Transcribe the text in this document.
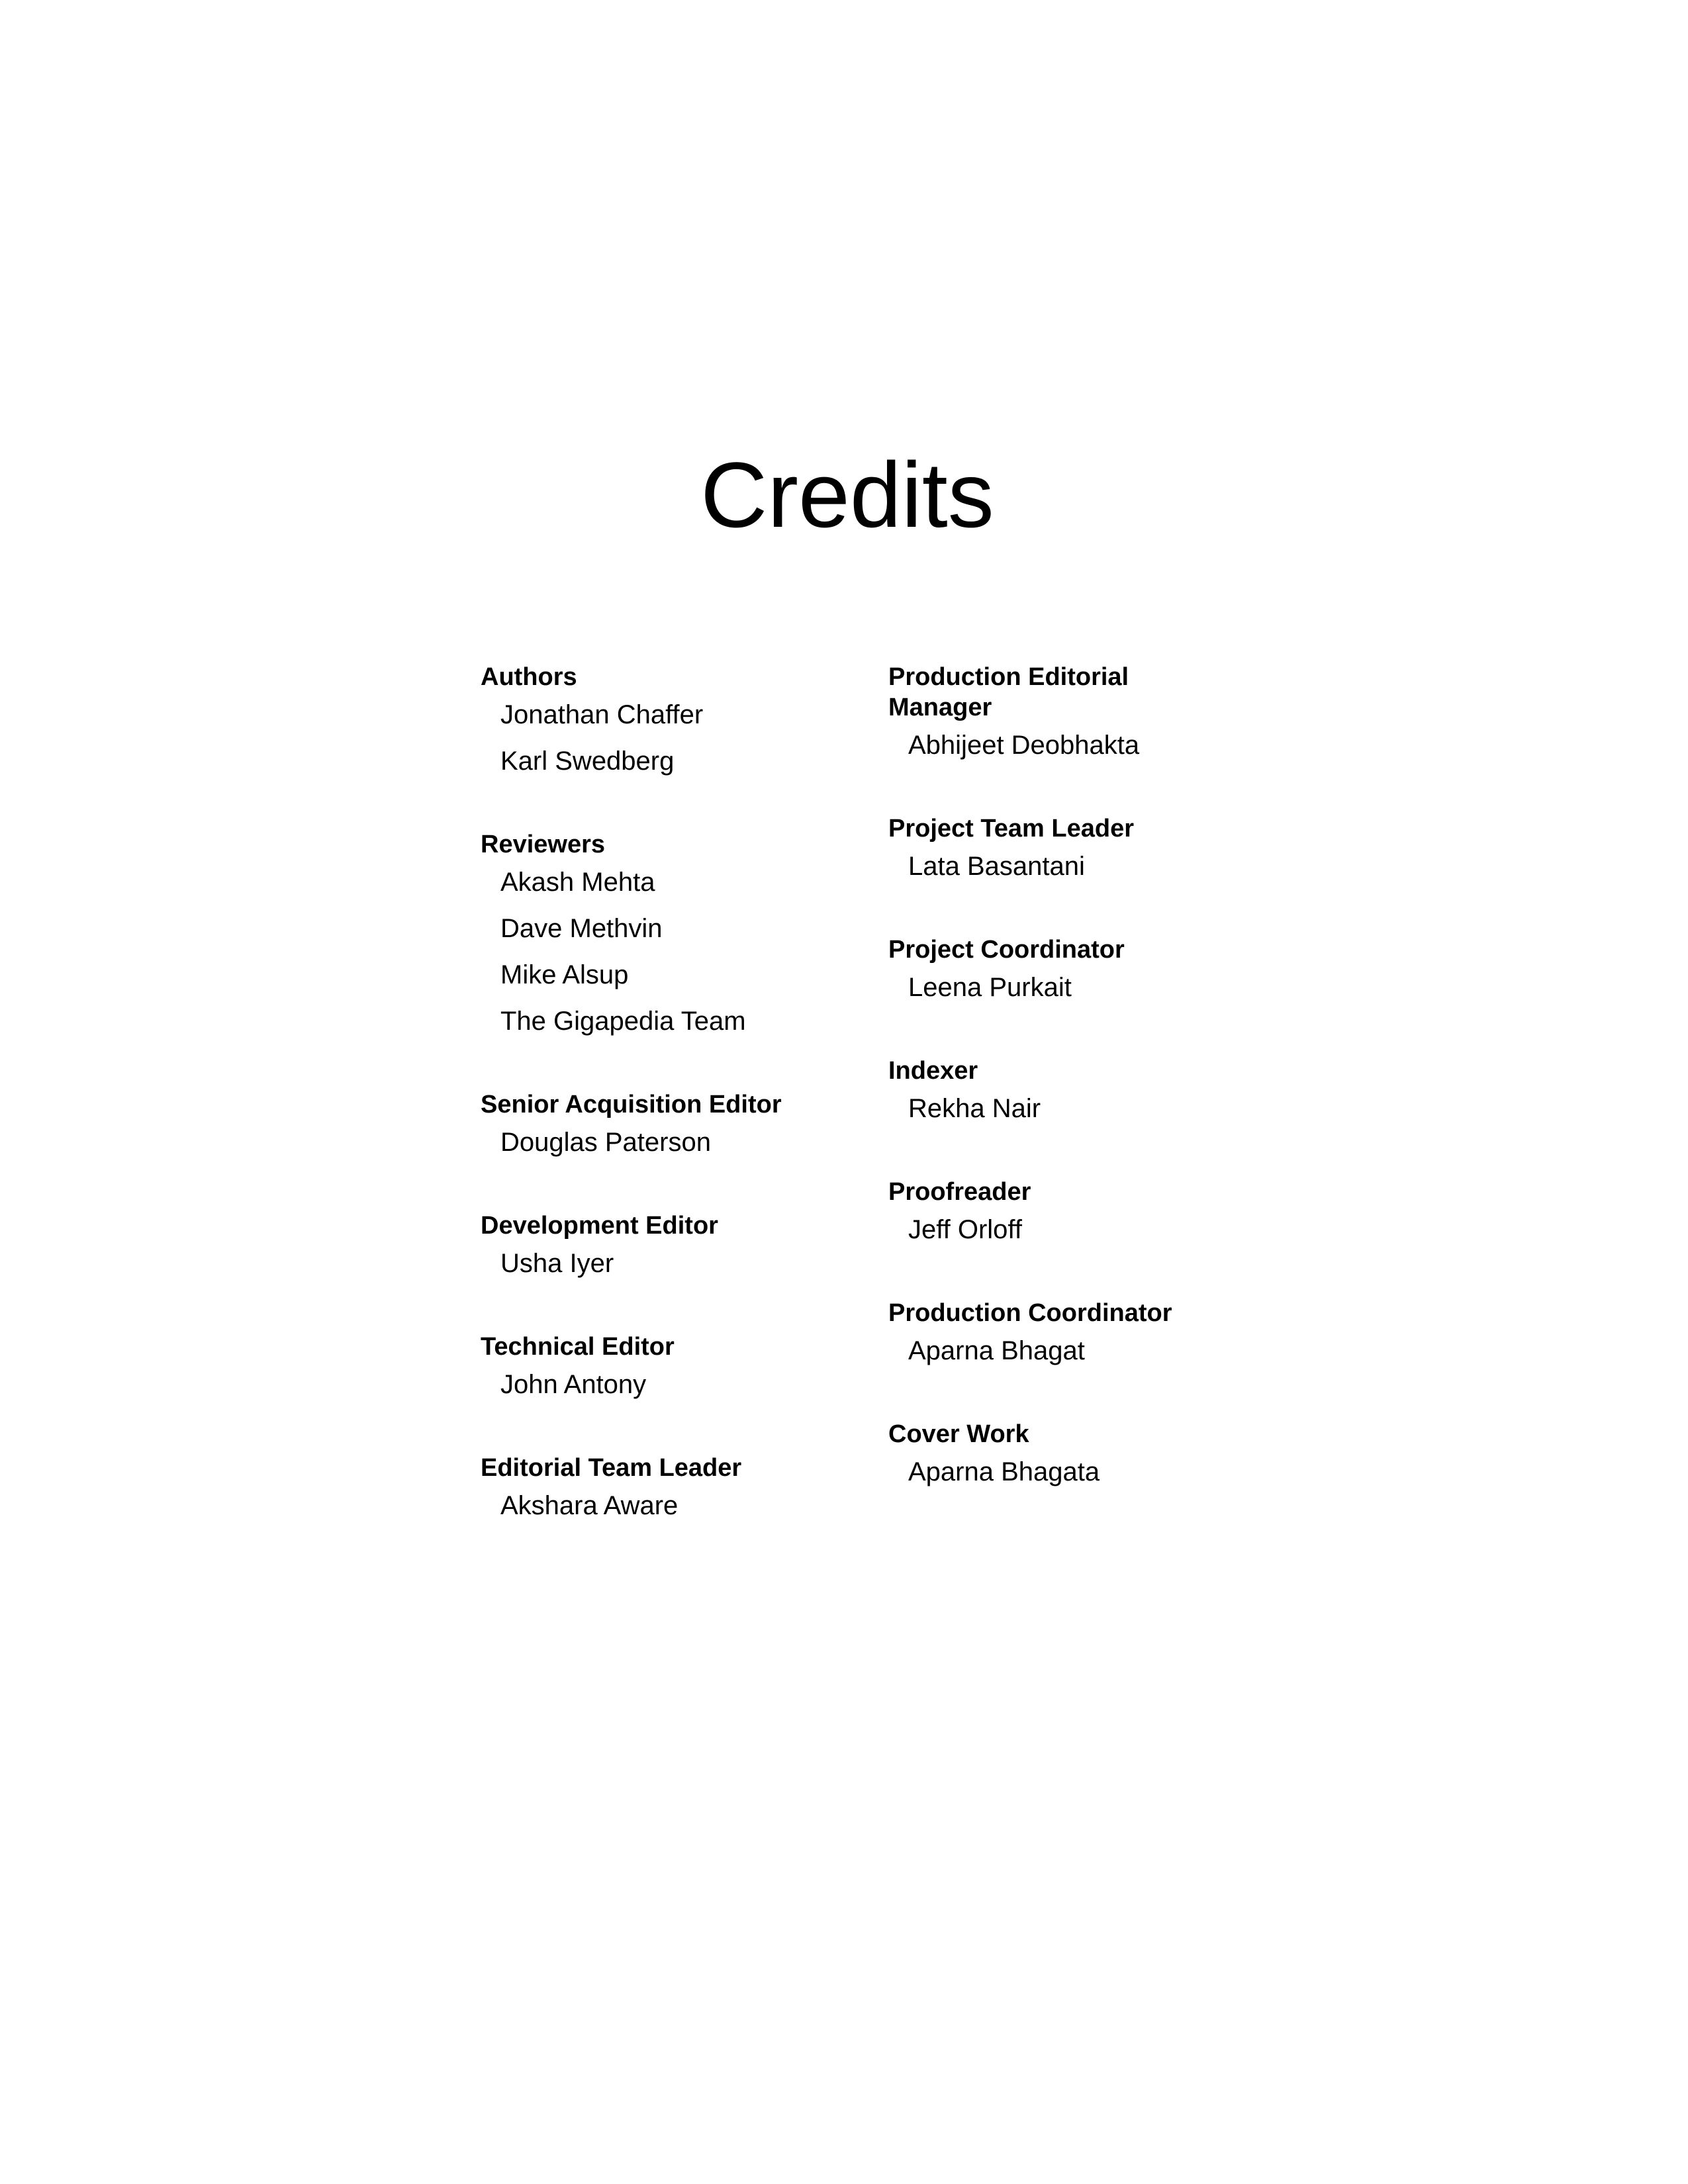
Credits
Authors
Jonathan Chaffer
Karl Swedberg
Reviewers
Akash Mehta
Dave Methvin
Mike Alsup
The Gigapedia Team
Senior Acquisition Editor
Douglas Paterson
Development Editor
Usha Iyer
Technical Editor
John Antony
Editorial Team Leader
Akshara Aware
Production Editorial Manager
Abhijeet Deobhakta
Project Team Leader
Lata Basantani
Project Coordinator
Leena Purkait
Indexer
Rekha Nair
Proofreader
Jeff Orloff
Production Coordinator
Aparna Bhagat
Cover Work
Aparna Bhagata
